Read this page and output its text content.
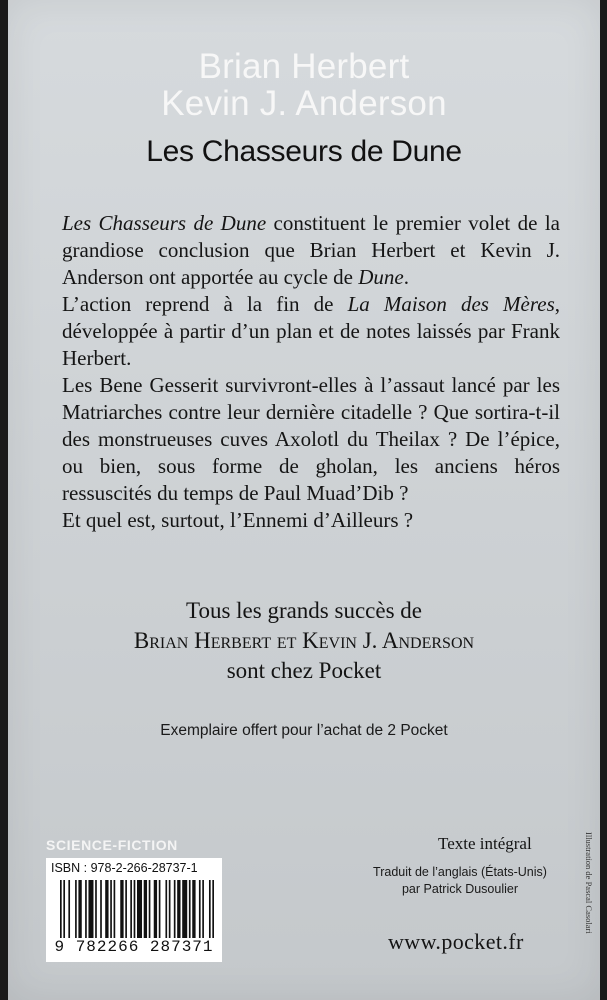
Brian Herbert
Kevin J. Anderson
Les Chasseurs de Dune

Les Chasseurs de Dune constituent le premier volet de la grandiose conclusion que Brian Herbert et Kevin J. Anderson ont apportée au cycle de Dune.

L’action reprend à la fin de La Maison des Mères, développée à partir d’un plan et de notes laissés par Frank Herbert.

Les Bene Gesserit survivront-elles à l’assaut lancé par les Matriarches contre leur dernière citadelle ? Que sortira-t-il des monstrueuses cuves Axolotl du Theilax ? De l’épice, ou bien, sous forme de gholan, les anciens héros ressuscités du temps de Paul Muad’Dib ?

Et quel est, surtout, l’Ennemi d’Ailleurs ?

Tous les grands succès de
Brian Herbert et Kevin J. Anderson
sont chez Pocket
Exemplaire offert pour l’achat de 2 Pocket
SCIENCE-FICTION
ISBN : 978-2-266-28737-1
9 782266 287371
Texte intégral
Traduit de l’anglais (États-Unis)
par Patrick Dusoulier
www.pocket.fr
Illustration de Pascal Casolari
